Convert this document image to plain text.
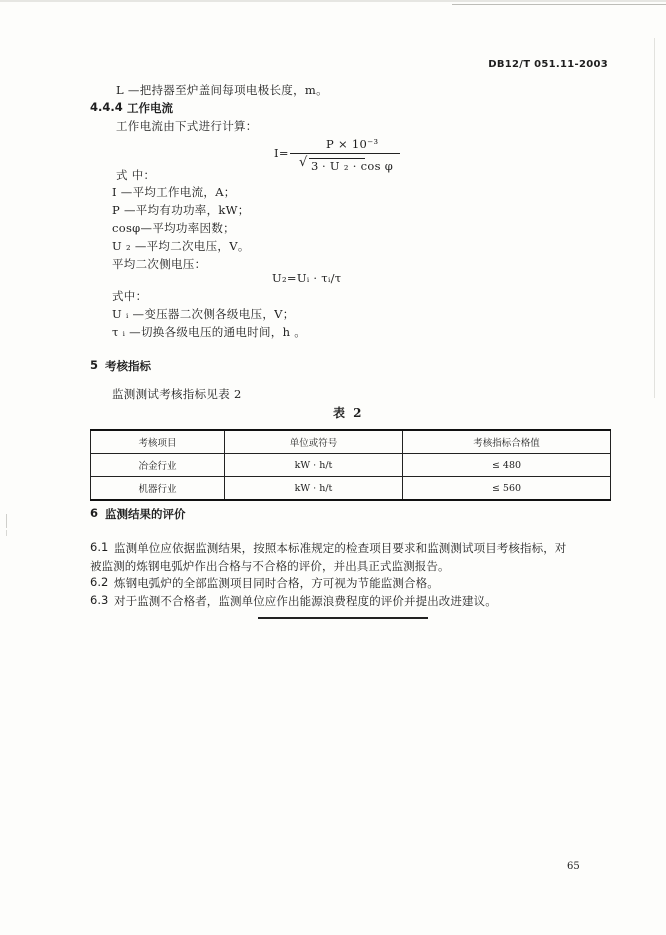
DB12/T 051.11-2003
L —把持器至炉盖间每项电极长度，m。
4.4.4 工作电流
工作电流由下式进行计算：
I=
P × 10⁻³
√ 3 · U ₂ · cos φ
式 中：
I —平均工作电流，A；
P —平均有功功率，kW；
cosφ—平均功率因数；
U ₂ —平均二次电压，V。
平均二次侧电压：
U₂=Uᵢ · τᵢ/τ
式中：
U ᵢ —变压器二次侧各级电压，V；
τ ᵢ —切换各级电压的通电时间，h 。
5 考核指标
监测测试考核指标见表 2
表 2
考核项目	单位或符号	考核指标合格值
冶金行业	kW · h/t	≤ 480
机器行业	kW · h/t	≤ 560
6 监测结果的评价
6.1 监测单位应依据监测结果，按照本标准规定的检查项目要求和监测测试项目考核指标，对
被监测的炼钢电弧炉作出合格与不合格的评价，并出具正式监测报告。
6.2 炼钢电弧炉的全部监测项目同时合格，方可视为节能监测合格。
6.3 对于监测不合格者，监测单位应作出能源浪费程度的评价并提出改进建议。
65
